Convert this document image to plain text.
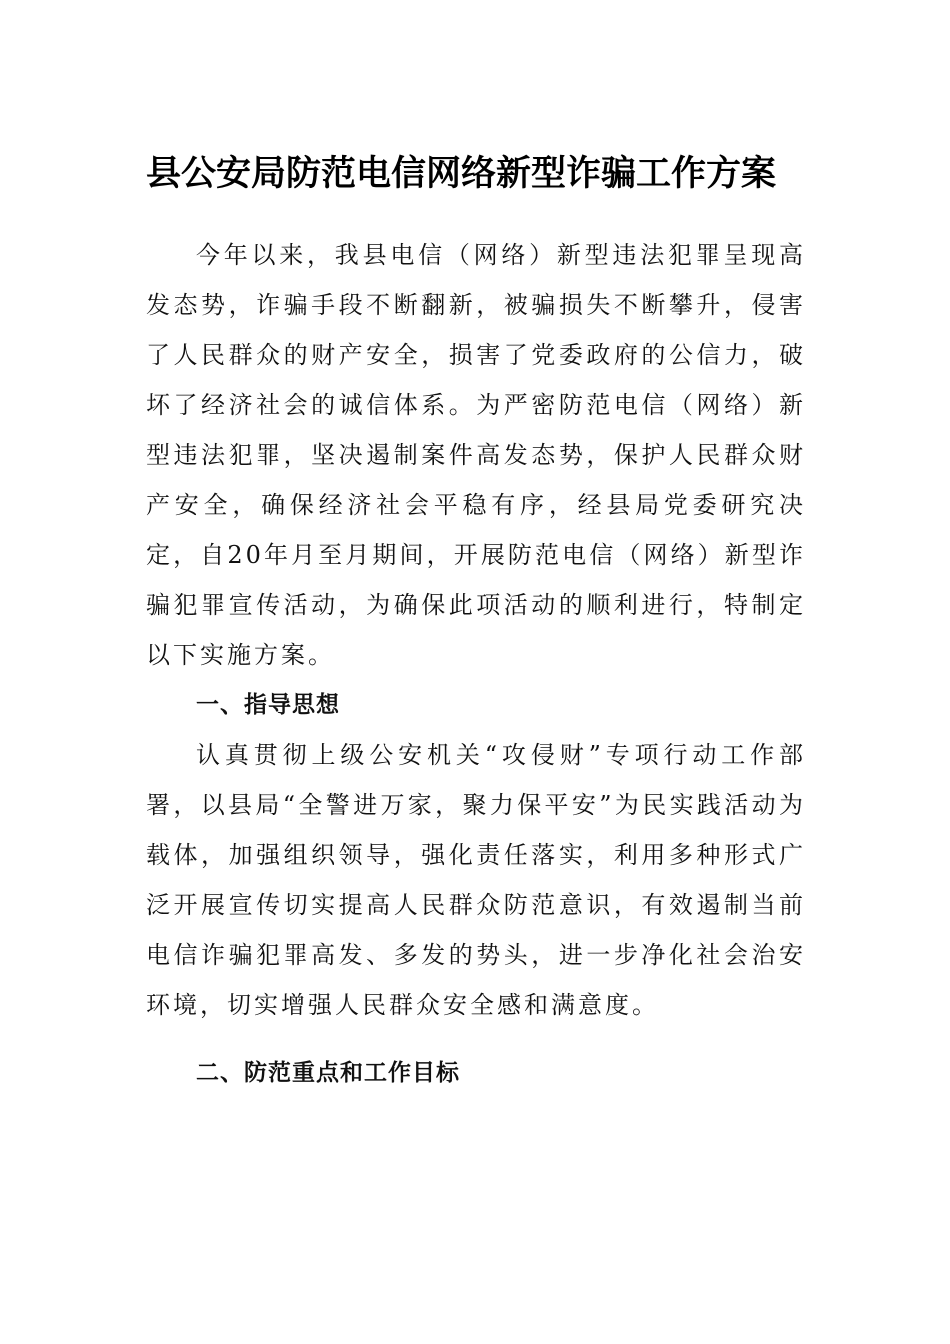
县公安局防范电信网络新型诈骗工作方案

今年以来，我县电信（网络）新型违法犯罪呈现高发态势，诈骗手段不断翻新，被骗损失不断攀升，侵害了人民群众的财产安全，损害了党委政府的公信力，破坏了经济社会的诚信体系。为严密防范电信（网络）新型违法犯罪，坚决遏制案件高发态势，保护人民群众财产安全，确保经济社会平稳有序，经县局党委研究决定，自20年月至月期间，开展防范电信（网络）新型诈骗犯罪宣传活动，为确保此项活动的顺利进行，特制定以下实施方案。

一、指导思想

认真贯彻上级公安机关“攻侵财”专项行动工作部署，以县局“全警进万家，聚力保平安”为民实践活动为载体，加强组织领导，强化责任落实，利用多种形式广泛开展宣传切实提高人民群众防范意识，有效遏制当前电信诈骗犯罪高发、多发的势头，进一步净化社会治安环境，切实增强人民群众安全感和满意度。

二、防范重点和工作目标
